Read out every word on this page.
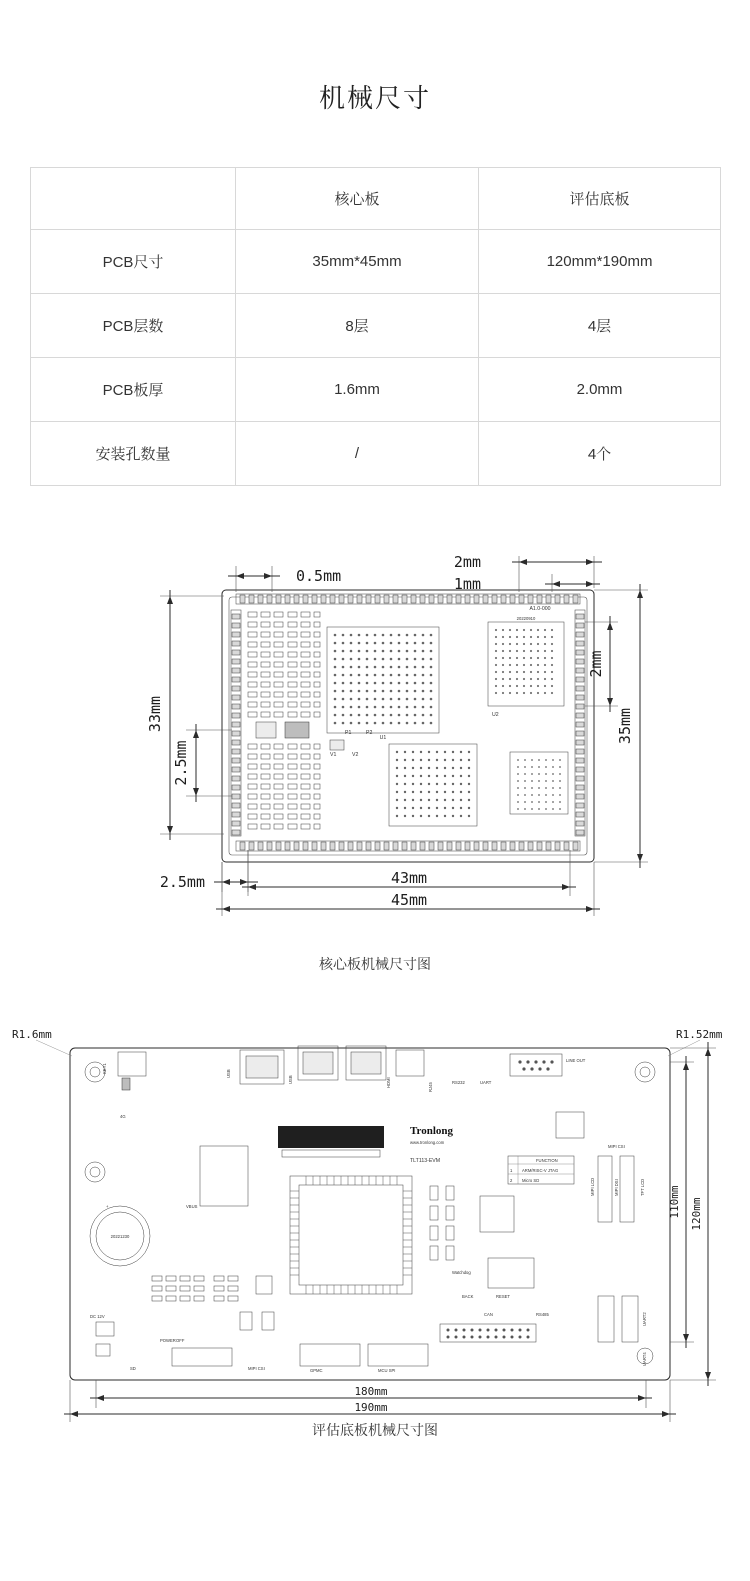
机械尺寸
	核心板	评估底板
PCB尺寸	35mm*45mm	120mm*190mm
PCB层数	8层	4层
PCB板厚	1.6mm	2.0mm
安装孔数量	/	4个
U1
20220910
A1.0-000
P1	P2
V1	V2
U2
0.5mm
2mm
1mm
35mm
2mm
33mm
2.5mm
2.5mm	43mm
45mm
核心板机械尺寸图
R1.6mm	R1.52mm
KEY1	USB
USB	HDMI	RJ45	RS232	UART
LINE OUT
4G
Tronlong
www.tronlong.com
TLT113-EVM
20221230
+
FUNCTION
1 ARM/RISC-V JTAG
2 Micro SD	MIPI LCD	MIPI DSI	TFT LCD
UART2
UART4
DC 12V
OFF
BACK	RESET
Watchdog
RS485
CAN
POWER
MIPI CSI	GPMC	MCU SPI
VBUS
MIPI CSI
SD
110mm 120mm
180mm
190mm
评估底板机械尺寸图
